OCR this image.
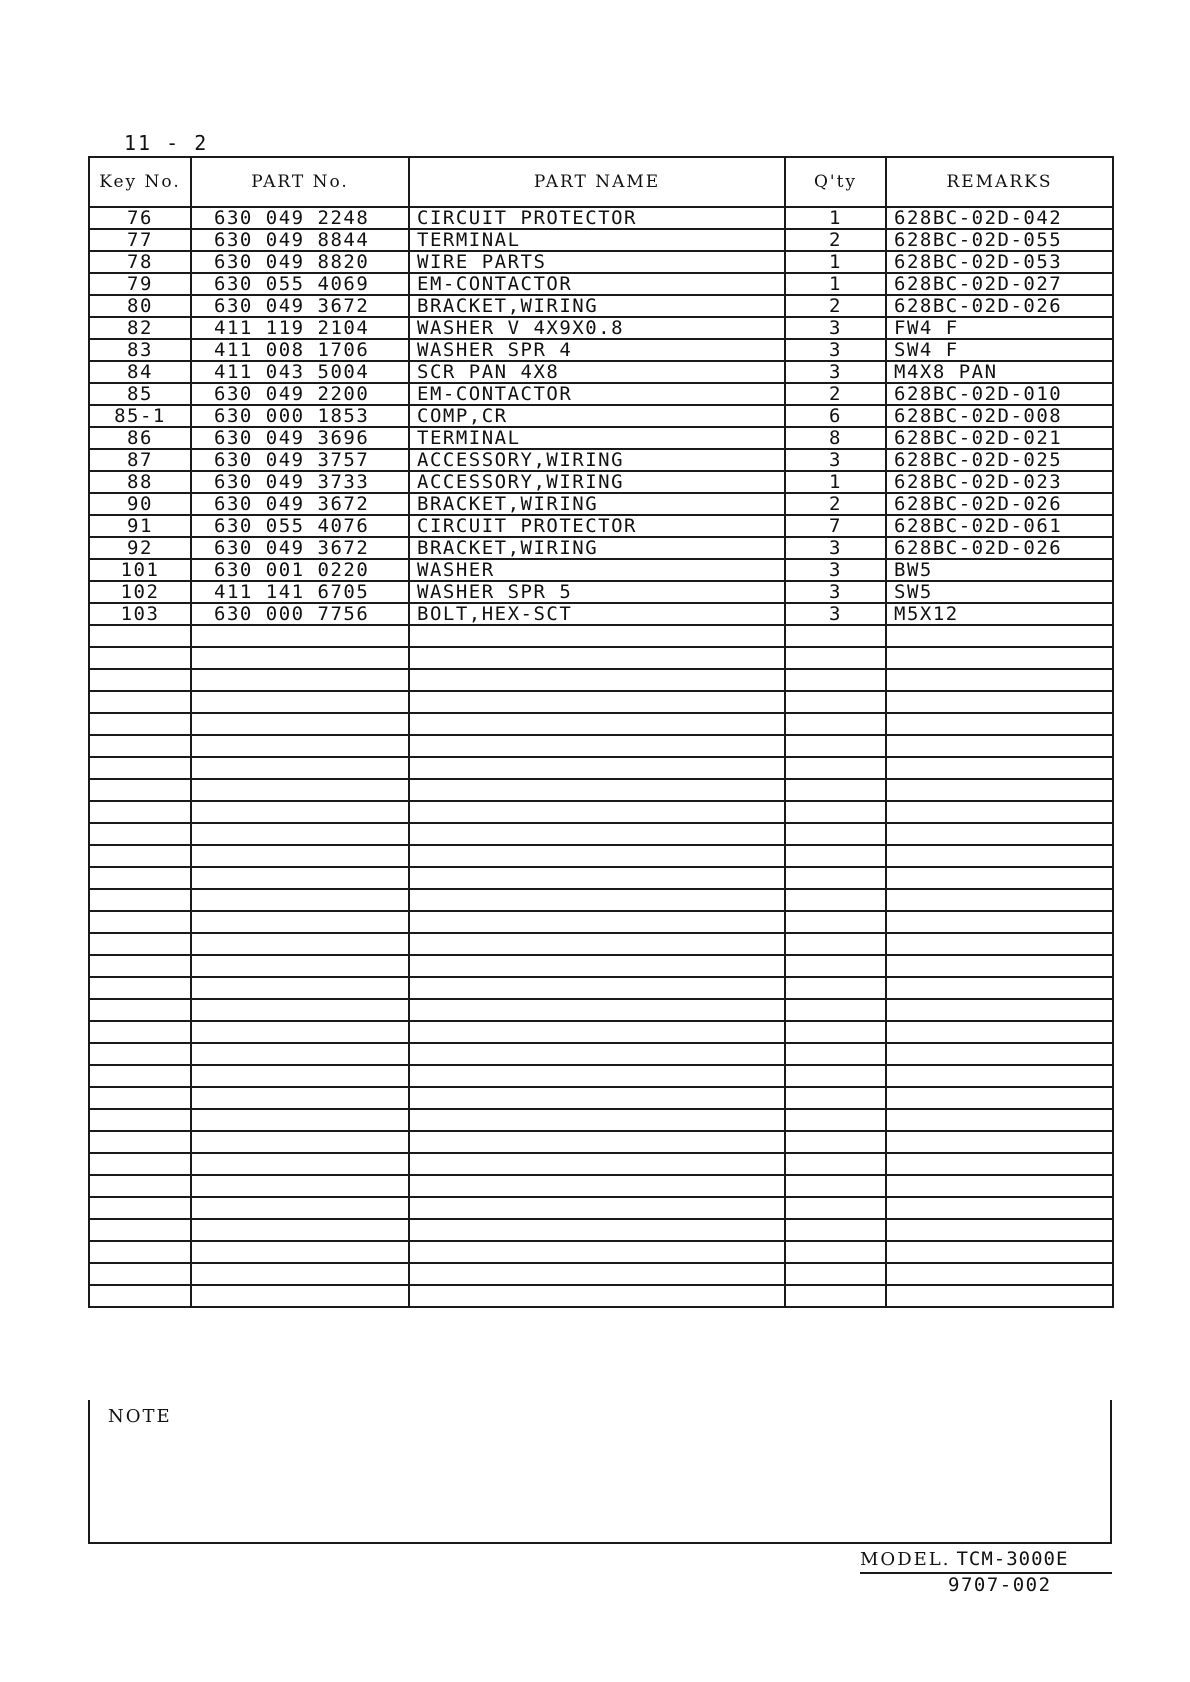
11 - 2
Key No.	PART No.	PART NAME	Q'ty	REMARKS
76	630 049 2248	CIRCUIT PROTECTOR	1	628BC-02D-042
77	630 049 8844	TERMINAL	2	628BC-02D-055
78	630 049 8820	WIRE PARTS	1	628BC-02D-053
79	630 055 4069	EM-CONTACTOR	1	628BC-02D-027
80	630 049 3672	BRACKET,WIRING	2	628BC-02D-026
82	411 119 2104	WASHER V 4X9X0.8	3	FW4 F
83	411 008 1706	WASHER SPR 4	3	SW4 F
84	411 043 5004	SCR PAN 4X8	3	M4X8 PAN
85	630 049 2200	EM-CONTACTOR	2	628BC-02D-010
85-1	630 000 1853	COMP,CR	6	628BC-02D-008
86	630 049 3696	TERMINAL	8	628BC-02D-021
87	630 049 3757	ACCESSORY,WIRING	3	628BC-02D-025
88	630 049 3733	ACCESSORY,WIRING	1	628BC-02D-023
90	630 049 3672	BRACKET,WIRING	2	628BC-02D-026
91	630 055 4076	CIRCUIT PROTECTOR	7	628BC-02D-061
92	630 049 3672	BRACKET,WIRING	3	628BC-02D-026
101	630 001 0220	WASHER	3	BW5
102	411 141 6705	WASHER SPR 5	3	SW5
103	630 000 7756	BOLT,HEX-SCT	3	M5X12

NOTE
MODEL. TCM-3000E
9707-002
